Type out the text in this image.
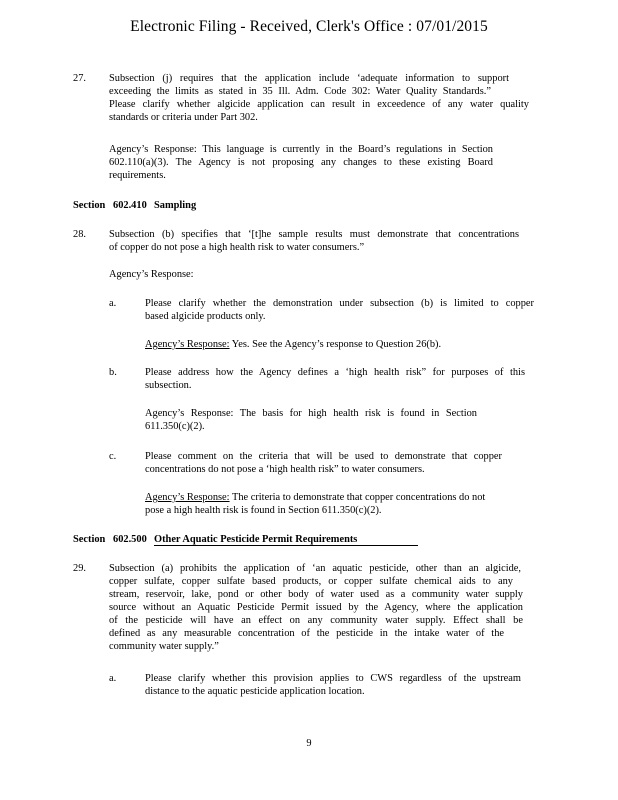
Electronic Filing - Received, Clerk's Office : 07/01/2015
27. Subsection (j) requires that the application include ‘adequate information to support
exceeding the limits as stated in 35 Ill. Adm. Code 302: Water Quality Standards.”
Please clarify whether algicide application can result in exceedence of any water quality
standards or criteria under Part 302.
Agency’s Response: This language is currently in the Board’s regulations in Section
602.110(a)(3). The Agency is not proposing any changes to these existing Board
requirements.
Section 602.410 Sampling
28. Subsection (b) specifies that ‘[t]he sample results must demonstrate that concentrations
of copper do not pose a high health risk to water consumers.”
Agency’s Response:
a.	Please clarify whether the demonstration under subsection (b) is limited to copper
based algicide products only.
Agency’s Response: Yes. See the Agency’s response to Question 26(b).
b.	Please address how the Agency defines a ‘high health risk” for purposes of this
subsection.
Agency’s Response: The basis for high health risk is found in Section
611.350(c)(2).
c.	Please comment on the criteria that will be used to demonstrate that copper
concentrations do not pose a ‘high health risk” to water consumers.
Agency’s Response: The criteria to demonstrate that copper concentrations do not
pose a high health risk is found in Section 611.350(c)(2).
Section 602.500 Other Aquatic Pesticide Permit Requirements
29. Subsection (a) prohibits the application of ‘an aquatic pesticide, other than an algicide,
copper sulfate, copper sulfate based products, or copper sulfate chemical aids to any
stream, reservoir, lake, pond or other body of water used as a community water supply
source without an Aquatic Pesticide Permit issued by the Agency, where the application
of the pesticide will have an effect on any community water supply. Effect shall be
defined as any measurable concentration of the pesticide in the intake water of the
community water supply.”
a.	Please clarify whether this provision applies to CWS regardless of the upstream
distance to the aquatic pesticide application location.
9
